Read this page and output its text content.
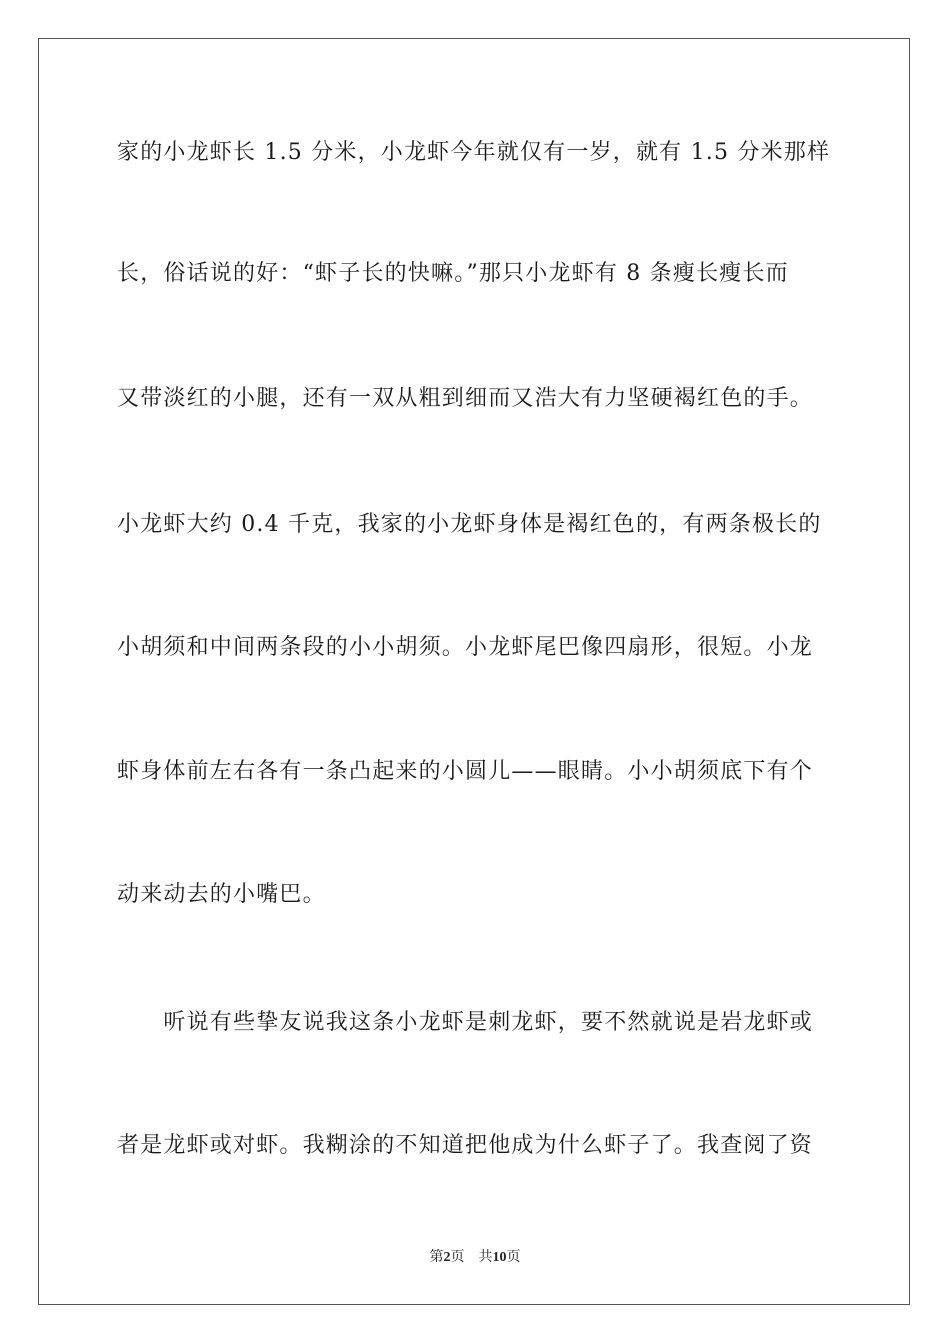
家的小龙虾长 1.5 分米，小龙虾今年就仅有一岁，就有 1.5 分米那样
长，俗话说的好：“虾子长的快嘛。”那只小龙虾有 8 条瘦长瘦长而
又带淡红的小腿，还有一双从粗到细而又浩大有力坚硬褐红色的手。
小龙虾大约 0.4 千克，我家的小龙虾身体是褐红色的，有两条极长的
小胡须和中间两条段的小小胡须。小龙虾尾巴像四扇形，很短。小龙
虾身体前左右各有一条凸起来的小圆儿——眼睛。小小胡须底下有个
动来动去的小嘴巴。
　　听说有些挚友说我这条小龙虾是刺龙虾，要不然就说是岩龙虾或
者是龙虾或对虾。我糊涂的不知道把他成为什么虾子了。我查阅了资
第2页 共10页
